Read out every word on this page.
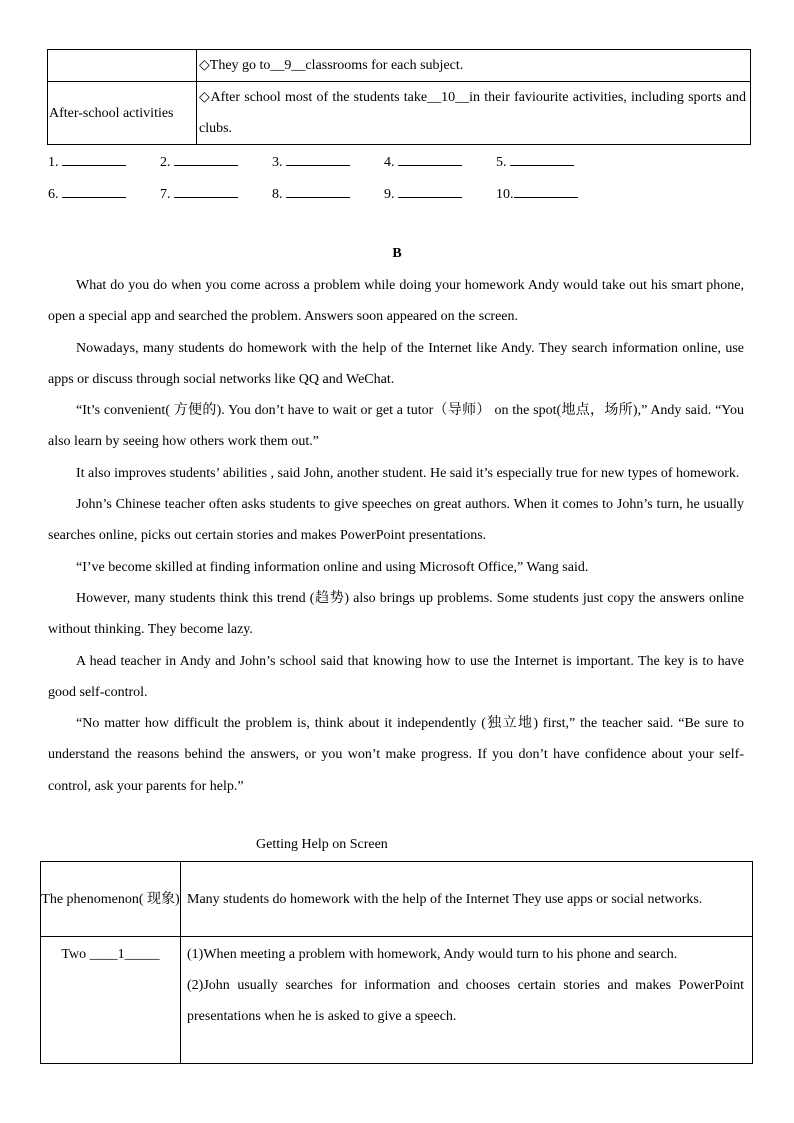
	◇They go to__9__classrooms for each subject.
After-school activities	◇After school most of the students take__10__in their faviourite activities, including sports and clubs.
1.	2.	3.	4.	5.
6.	7.	8.	9.	10.
B

What do you do when you come across a problem while doing your homework Andy would take out his smart phone, open a special app and searched the problem. Answers soon appeared on the screen.

Nowadays, many students do homework with the help of the Internet like Andy. They search information online, use apps or discuss through social networks like QQ and WeChat.

“It’s convenient( 方便的). You don’t have to wait or get a tutor（导师） on the spot(地点，场所),” Andy said. “You also learn by seeing how others work them out.”

It also improves students’ abilities , said John, another student. He said it’s especially true for new types of homework.

John’s Chinese teacher often asks students to give speeches on great authors. When it comes to John’s turn, he usually searches online, picks out certain stories and makes PowerPoint presentations.

“I’ve become skilled at finding information online and using Microsoft Office,” Wang said.

However, many students think this trend (趋势) also brings up problems. Some students just copy the answers online without thinking. They become lazy.

A head teacher in Andy and John’s school said that knowing how to use the Internet is important. The key is to have good self-control.

“No matter how difficult the problem is, think about it independently (独立地) first,” the teacher said. “Be sure to understand the reasons behind the answers, or you won’t make progress. If you don’t have confidence about your self-control, ask your parents for help.”

Getting Help on Screen
The phenomenon( 现象)	Many students do homework with the help of the Internet They use apps or social networks.
Two ____1_____	(1)When meeting a problem with homework, Andy would turn to his phone and search.
(2)John usually searches for information and chooses certain stories and makes PowerPoint presentations when he is asked to give a speech.
